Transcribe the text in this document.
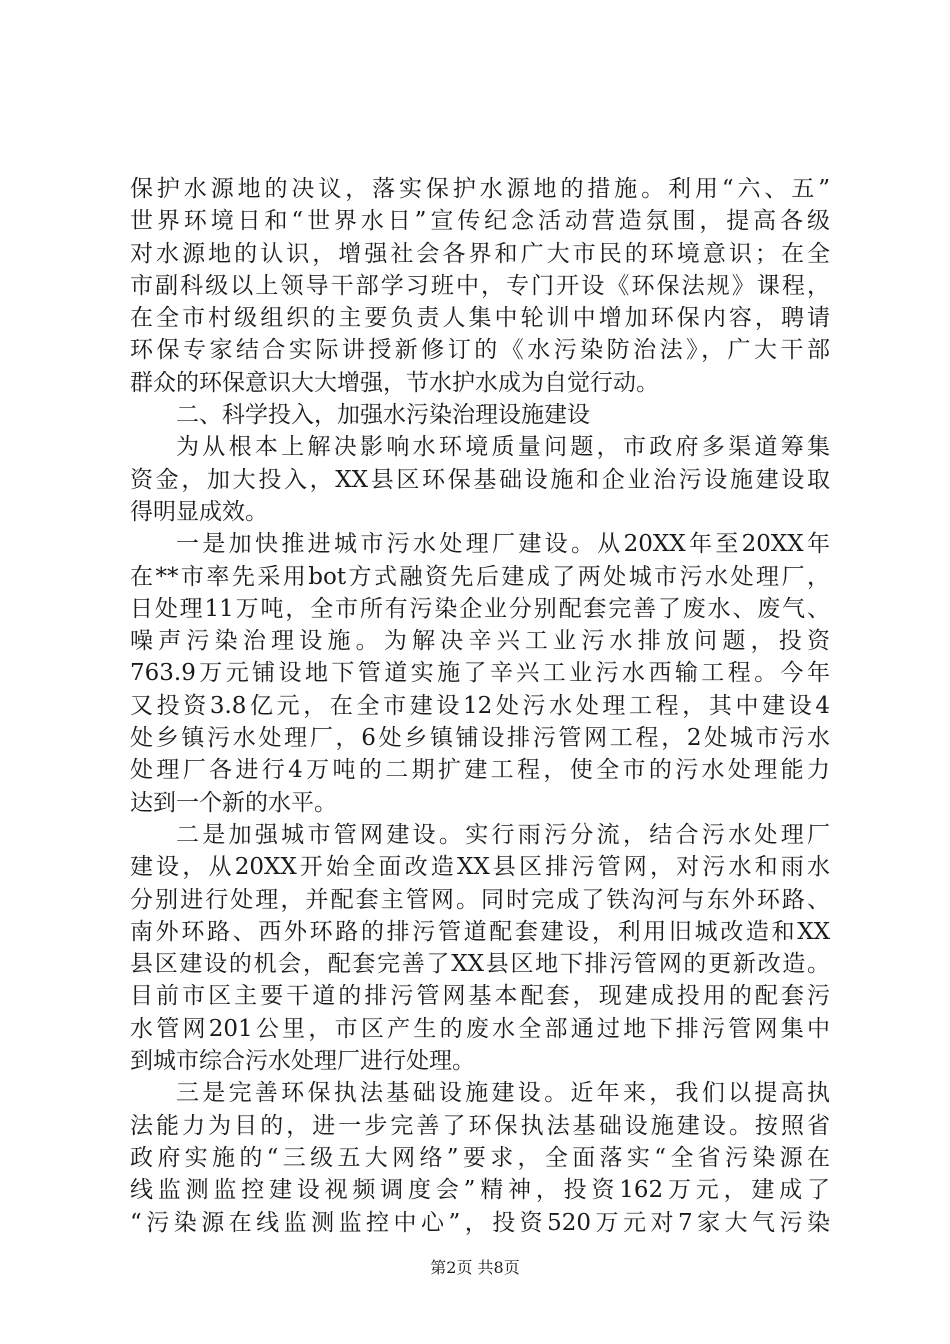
保护水源地的决议，落实保护水源地的措施。利用“六、五”
世界环境日和“世界水日”宣传纪念活动营造氛围，提高各级
对水源地的认识，增强社会各界和广大市民的环境意识；在全
市副科级以上领导干部学习班中，专门开设《环保法规》课程，
在全市村级组织的主要负责人集中轮训中增加环保内容，聘请
环保专家结合实际讲授新修订的《水污染防治法》，广大干部
群众的环保意识大大增强，节水护水成为自觉行动。
二、科学投入，加强水污染治理设施建设
为从根本上解决影响水环境质量问题，市政府多渠道筹集
资金，加大投入，XX县区环保基础设施和企业治污设施建设取
得明显成效。
一是加快推进城市污水处理厂建设。从20XX年至20XX年
在**市率先采用bot方式融资先后建成了两处城市污水处理厂，
日处理11万吨，全市所有污染企业分别配套完善了废水、废气、
噪声污染治理设施。为解决辛兴工业污水排放问题，投资
763.9万元铺设地下管道实施了辛兴工业污水西输工程。今年
又投资3.8亿元，在全市建设12处污水处理工程，其中建设4
处乡镇污水处理厂，6处乡镇铺设排污管网工程，2处城市污水
处理厂各进行4万吨的二期扩建工程，使全市的污水处理能力
达到一个新的水平。
二是加强城市管网建设。实行雨污分流，结合污水处理厂
建设，从20XX开始全面改造XX县区排污管网，对污水和雨水
分别进行处理，并配套主管网。同时完成了铁沟河与东外环路、
南外环路、西外环路的排污管道配套建设，利用旧城改造和XX
县区建设的机会，配套完善了XX县区地下排污管网的更新改造。
目前市区主要干道的排污管网基本配套，现建成投用的配套污
水管网201公里，市区产生的废水全部通过地下排污管网集中
到城市综合污水处理厂进行处理。
三是完善环保执法基础设施建设。近年来，我们以提高执
法能力为目的，进一步完善了环保执法基础设施建设。按照省
政府实施的“三级五大网络”要求，全面落实“全省污染源在
线监测监控建设视频调度会”精神，投资162万元，建成了
“污染源在线监测监控中心”，投资520万元对7家大气污染
第2页 共8页
